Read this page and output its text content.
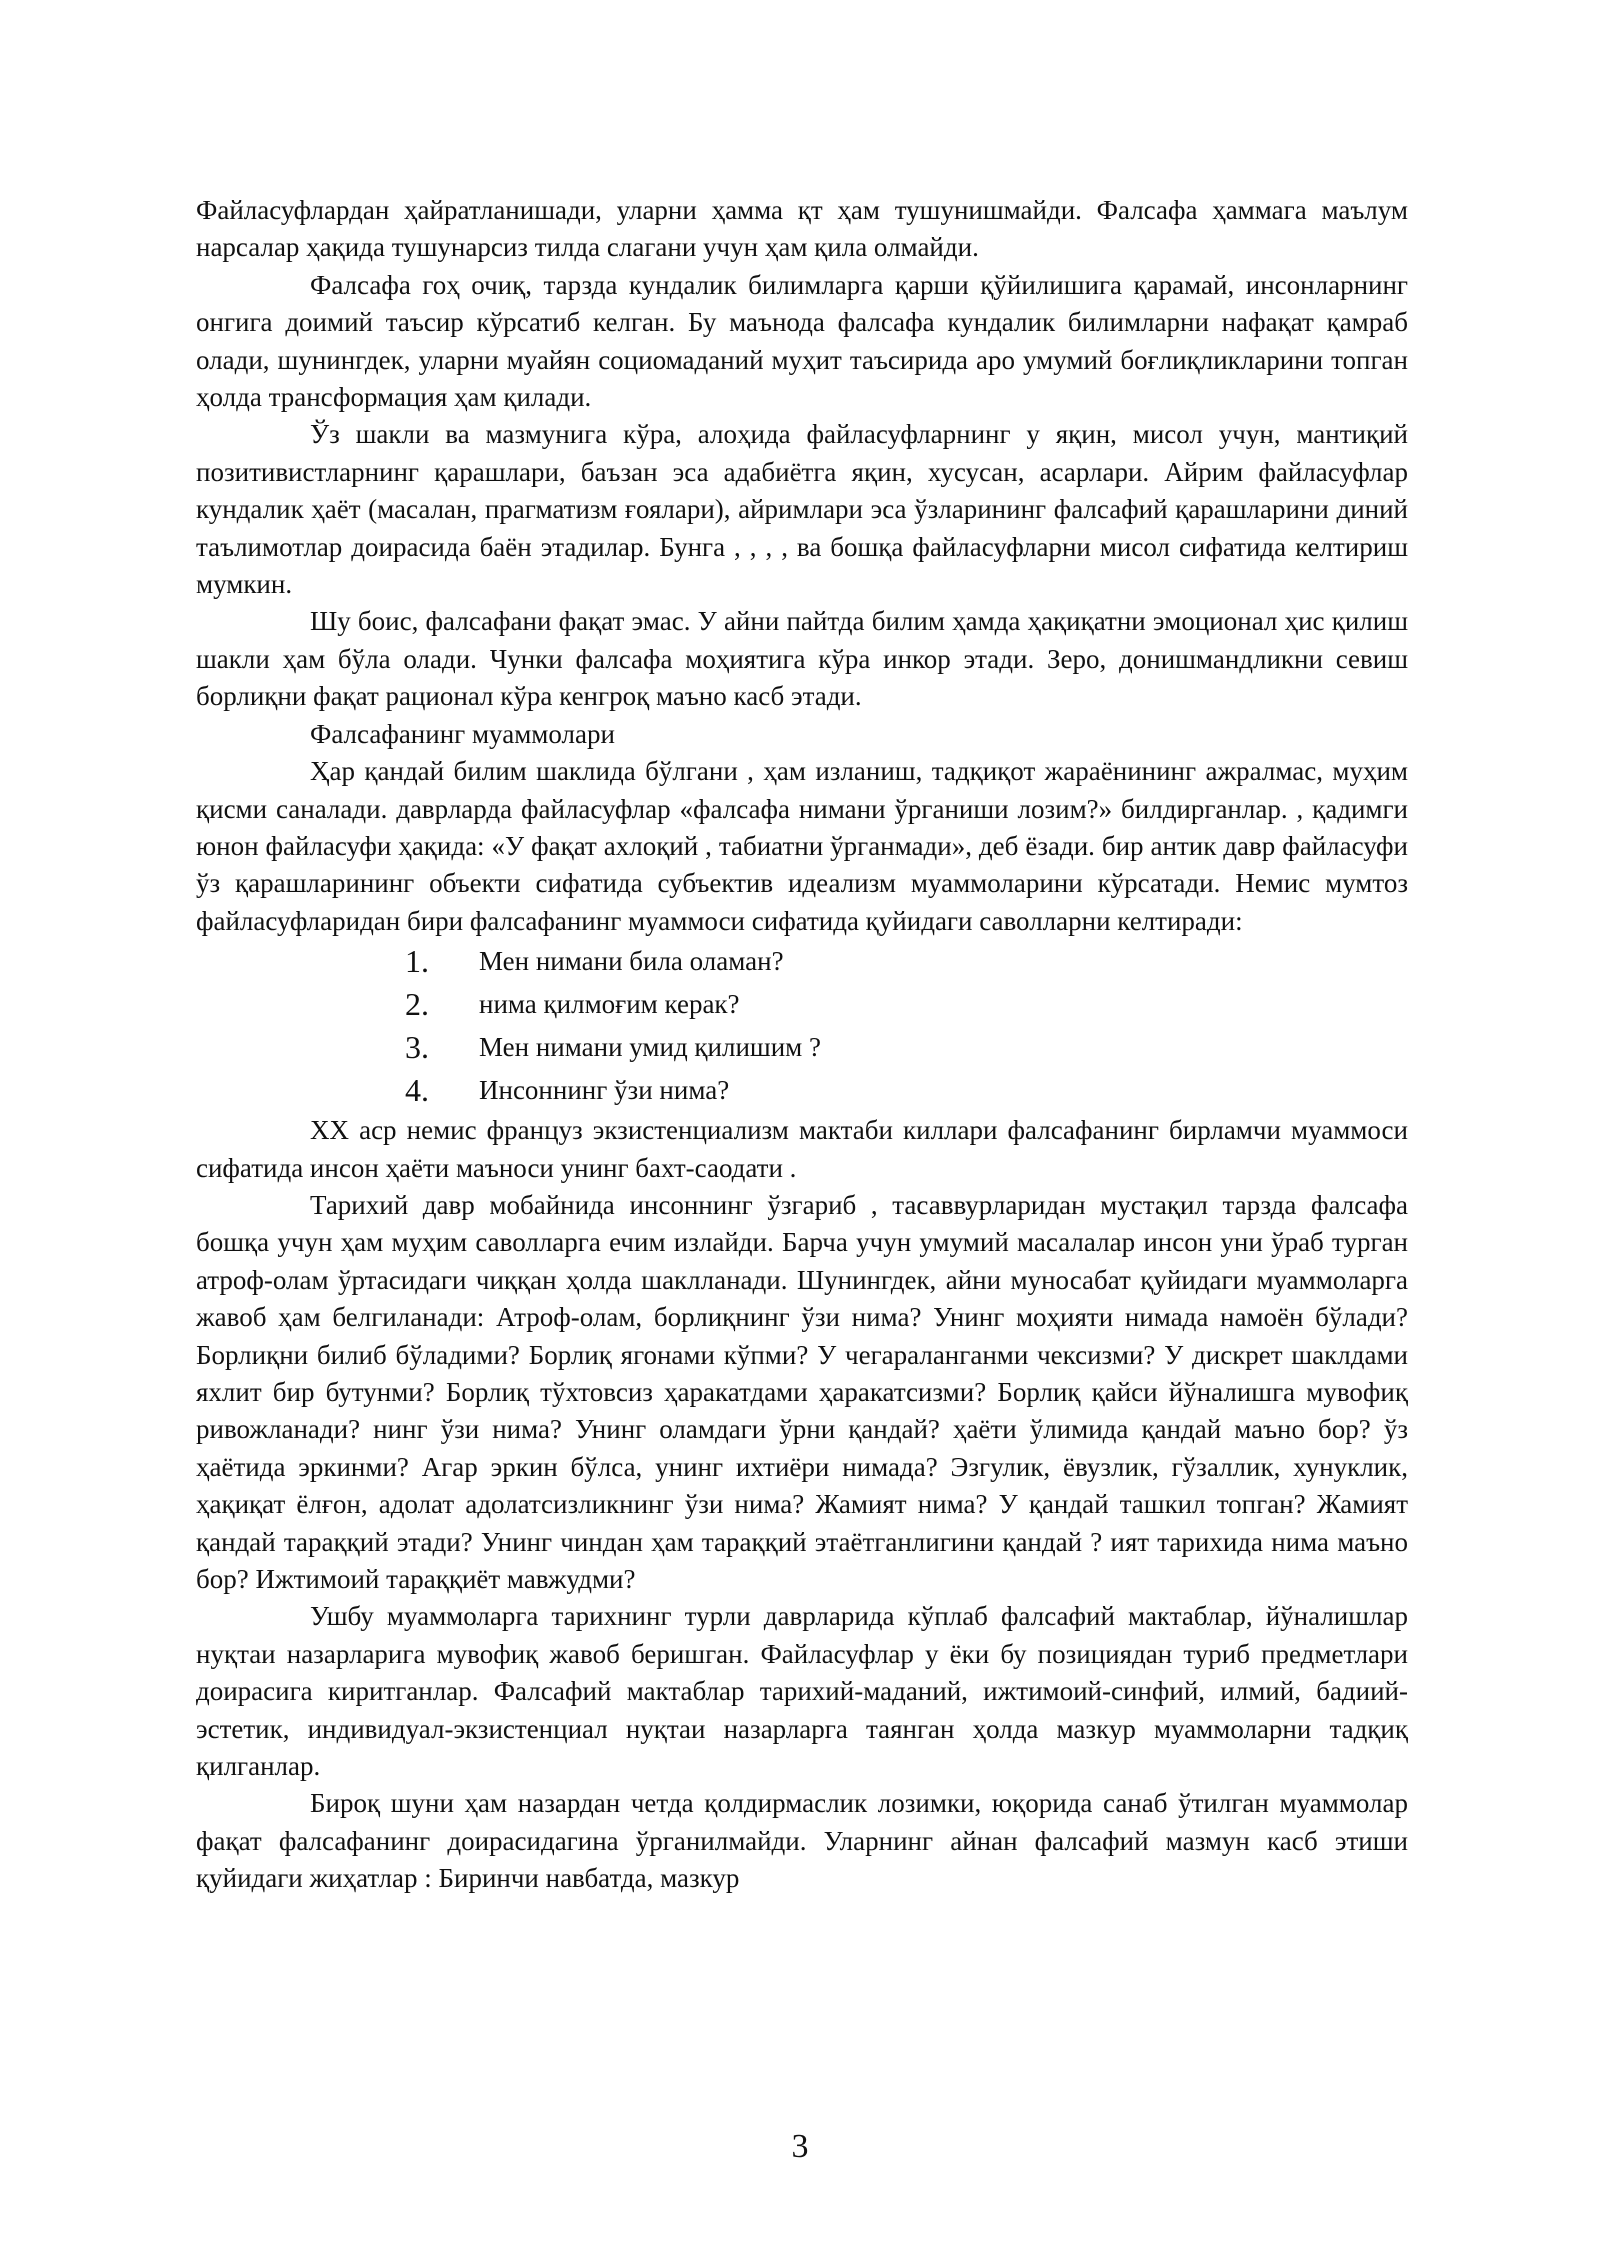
Файласуфлардан ҳайратланишади, уларни ҳамма қт ҳам тушунишмайди. Фалсафа ҳаммага маълум нарсалар ҳақида тушунарсиз тилда слагани учун ҳам қила олмайди.

Фалсафа гоҳ очиқ, тарзда кундалик билимларга қарши қўйилишига қарамай, инсонларнинг онгига доимий таъсир кўрсатиб келган. Бу маънода фалсафа кундалик билимларни нафақат қамраб олади, шунингдек, уларни муайян социомаданий муҳит таъсирида аро умумий боғлиқликларини топган ҳолда трансформация ҳам қилади.

Ўз шакли ва мазмунига кўра, алоҳида файласуфларнинг у яқин, мисол учун, мантиқий позитивистларнинг қарашлари, баъзан эса адабиётга яқин, хусусан, асарлари. Айрим файласуфлар кундалик ҳаёт (масалан, прагматизм ғоялари), айримлари эса ўзларининг фалсафий қарашларини диний таълимотлар доирасида баён этадилар. Бунга , , , , ва бошқа файласуфларни мисол сифатида келтириш мумкин.

Шу боис, фалсафани фақат эмас. У айни пайтда билим ҳамда ҳақиқатни эмоционал ҳис қилиш шакли ҳам бўла олади. Чунки фалсафа моҳиятига кўра инкор этади. Зеро, донишмандликни севиш борлиқни фақат рационал кўра кенгроқ маъно касб этади.

Фалсафанинг муаммолари

Ҳар қандай билим шаклида бўлгани , ҳам изланиш, тадқиқот жараёнининг ажралмас, муҳим қисми саналади. даврларда файласуфлар «фалсафа нимани ўрганиши лозим?» билдирганлар. , қадимги юнон файласуфи ҳақида: «У фақат ахлоқий , табиатни ўрганмади», деб ёзади. бир антик давр файласуфи ўз қарашларининг объекти сифатида субъектив идеализм муаммоларини кўрсатади. Немис мумтоз файласуфларидан бири фалсафанинг муаммоси сифатида қуйидаги саволларни келтиради:

1.	Мен нимани била оламан?
2.	нима қилмоғим керак?
3.	Мен нимани умид қилишим ?
4.	Инсоннинг ўзи нима?

XX аср немис француз экзистенциализм мактаби киллари фалсафанинг бирламчи муаммоси сифатида инсон ҳаёти маъноси унинг бахт-саодати .

Тарихий давр мобайнида инсоннинг ўзгариб , тасаввурларидан мустақил тарзда фалсафа бошқа учун ҳам муҳим саволларга ечим излайди. Барча учун умумий масалалар инсон уни ўраб турган атроф-олам ўртасидаги чиққан ҳолда шаклланади. Шунингдек, айни муносабат қуйидаги муаммоларга жавоб ҳам белгиланади: Атроф-олам, борлиқнинг ўзи нима? Унинг моҳияти нимада намоён бўлади? Борлиқни билиб бўладими? Борлиқ ягонами кўпми? У чегараланганми чексизми? У дискрет шаклдами яхлит бир бутунми? Борлиқ тўхтовсиз ҳаракатдами ҳаракатсизми? Борлиқ қайси йўналишга мувофиқ ривожланади? нинг ўзи нима? Унинг оламдаги ўрни қандай? ҳаёти ўлимида қандай маъно бор? ўз ҳаётида эркинми? Агар эркин бўлса, унинг ихтиёри нимада? Эзгулик, ёвузлик, гўзаллик, хунуклик, ҳақиқат ёлғон, адолат адолатсизликнинг ўзи нима? Жамият нима? У қандай ташкил топган? Жамият қандай тараққий этади? Унинг чиндан ҳам тараққий этаётганлигини қандай ? ият тарихида нима маъно бор? Ижтимоий тараққиёт мавжудми?

Ушбу муаммоларга тарихнинг турли даврларида кўплаб фалсафий мактаблар, йўналишлар нуқтаи назарларига мувофиқ жавоб беришган. Файласуфлар у ёки бу позициядан туриб предметлари доирасига киритганлар. Фалсафий мактаблар тарихий-маданий, ижтимоий-синфий, илмий, бадиий-эстетик, индивидуал-экзистенциал нуқтаи назарларга таянган ҳолда мазкур муаммоларни тадқиқ қилганлар.

Бироқ шуни ҳам назардан четда қолдирмаслик лозимки, юқорида санаб ўтилган муаммолар фақат фалсафанинг доирасидагина ўрганилмайди. Уларнинг айнан фалсафий мазмун касб этиши қуйидаги жиҳатлар : Биринчи навбатда, мазкур

3
